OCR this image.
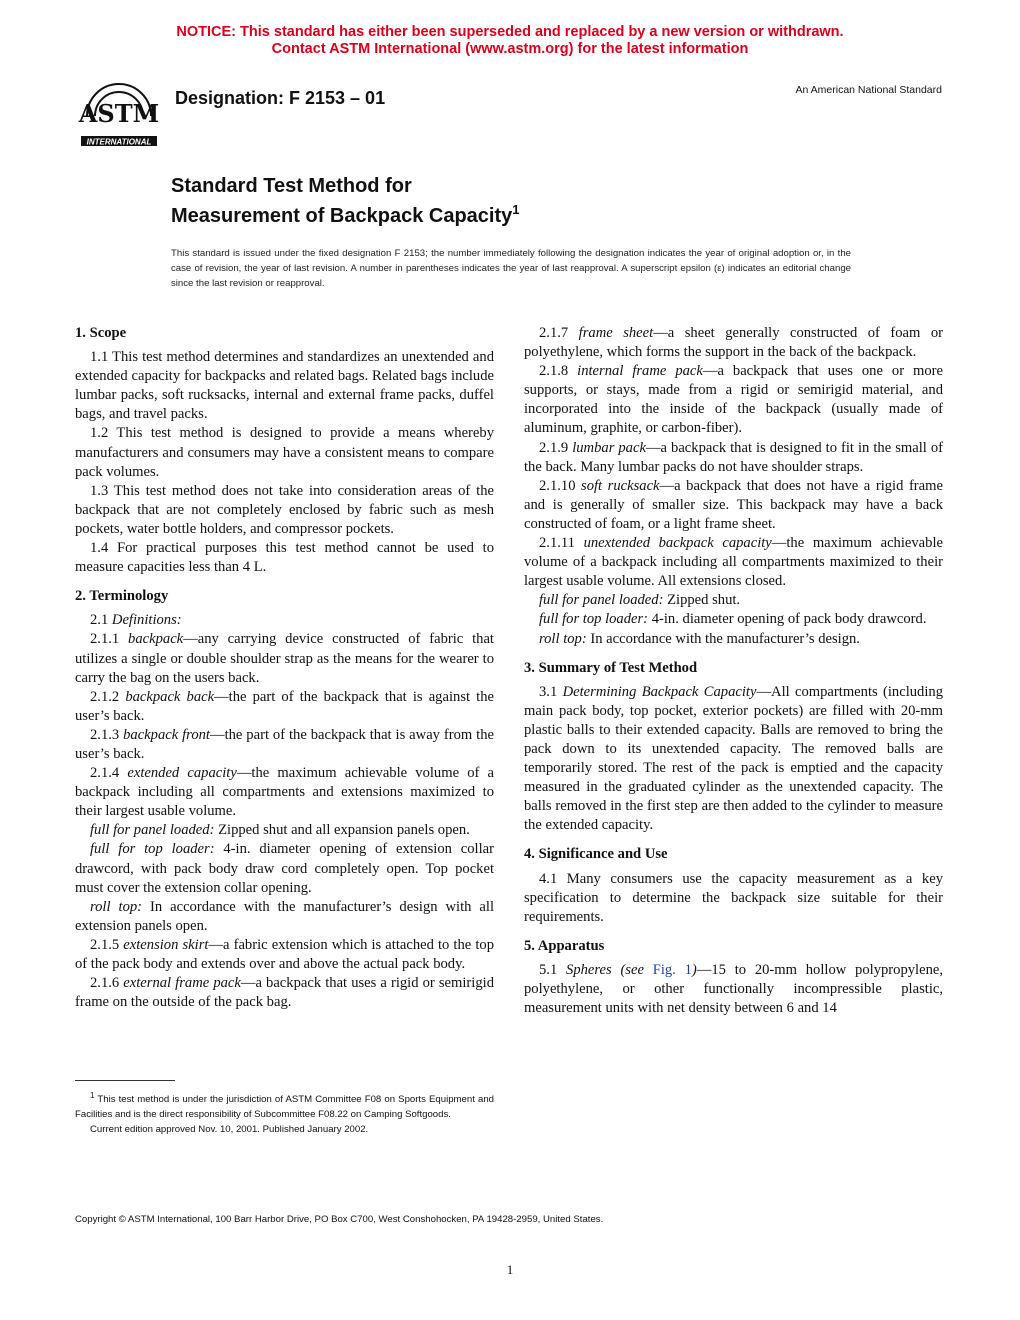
NOTICE: This standard has either been superseded and replaced by a new version or withdrawn.
Contact ASTM International (www.astm.org) for the latest information
ASTM
INTERNATIONAL
Designation: F 2153 – 01	An American National Standard
Standard Test Method for
Measurement of Backpack Capacity$^1$
This standard is issued under the fixed designation F 2153; the number immediately following the designation indicates the year of original adoption or, in the case of revision, the year of last revision. A number in parentheses indicates the year of last reapproval. A superscript epsilon (ε) indicates an editorial change since the last revision or reapproval.
1. Scope

1.1 This test method determines and standardizes an unextended and extended capacity for backpacks and related bags. Related bags include lumbar packs, soft rucksacks, internal and external frame packs, duffel bags, and travel packs.

1.2 This test method is designed to provide a means whereby manufacturers and consumers may have a consistent means to compare pack volumes.

1.3 This test method does not take into consideration areas of the backpack that are not completely enclosed by fabric such as mesh pockets, water bottle holders, and compressor pockets.

1.4 For practical purposes this test method cannot be used to measure capacities less than 4 L.

2. Terminology

2.1 Definitions:

2.1.1 backpack—any carrying device constructed of fabric that utilizes a single or double shoulder strap as the means for the wearer to carry the bag on the users back.

2.1.2 backpack back—the part of the backpack that is against the user’s back.

2.1.3 backpack front—the part of the backpack that is away from the user’s back.

2.1.4 extended capacity—the maximum achievable volume of a backpack including all compartments and extensions maximized to their largest usable volume.

full for panel loaded: Zipped shut and all expansion panels open.

full for top loader: 4-in. diameter opening of extension collar drawcord, with pack body draw cord completely open. Top pocket must cover the extension collar opening.

roll top: In accordance with the manufacturer’s design with all extension panels open.

2.1.5 extension skirt—a fabric extension which is attached to the top of the pack body and extends over and above the actual pack body.

2.1.6 external frame pack—a backpack that uses a rigid or semirigid frame on the outside of the pack bag.

2.1.7 frame sheet—a sheet generally constructed of foam or polyethylene, which forms the support in the back of the backpack.

2.1.8 internal frame pack—a backpack that uses one or more supports, or stays, made from a rigid or semirigid material, and incorporated into the inside of the backpack (usually made of aluminum, graphite, or carbon-fiber).

2.1.9 lumbar pack—a backpack that is designed to fit in the small of the back. Many lumbar packs do not have shoulder straps.

2.1.10 soft rucksack—a backpack that does not have a rigid frame and is generally of smaller size. This backpack may have a back constructed of foam, or a light frame sheet.

2.1.11 unextended backpack capacity—the maximum achievable volume of a backpack including all compartments maximized to their largest usable volume. All extensions closed.

full for panel loaded: Zipped shut.

full for top loader: 4-in. diameter opening of pack body drawcord.

roll top: In accordance with the manufacturer’s design.

3. Summary of Test Method

3.1 Determining Backpack Capacity—All compartments (including main pack body, top pocket, exterior pockets) are filled with 20-mm plastic balls to their extended capacity. Balls are removed to bring the pack down to its unextended capacity. The removed balls are temporarily stored. The rest of the pack is emptied and the capacity measured in the graduated cylinder as the unextended capacity. The balls removed in the first step are then added to the cylinder to measure the extended capacity.

4. Significance and Use

4.1 Many consumers use the capacity measurement as a key specification to determine the backpack size suitable for their requirements.

5. Apparatus

5.1 Spheres (see Fig. 1)—15 to 20-mm hollow polypropylene, polyethylene, or other functionally incompressible plastic, measurement units with net density between 6 and 14

$^1$ This test method is under the jurisdiction of ASTM Committee F08 on Sports Equipment and Facilities and is the direct responsibility of Subcommittee F08.22 on Camping Softgoods.

Current edition approved Nov. 10, 2001. Published January 2002.

Copyright © ASTM International, 100 Barr Harbor Drive, PO Box C700, West Conshohocken, PA 19428-2959, United States.
1
